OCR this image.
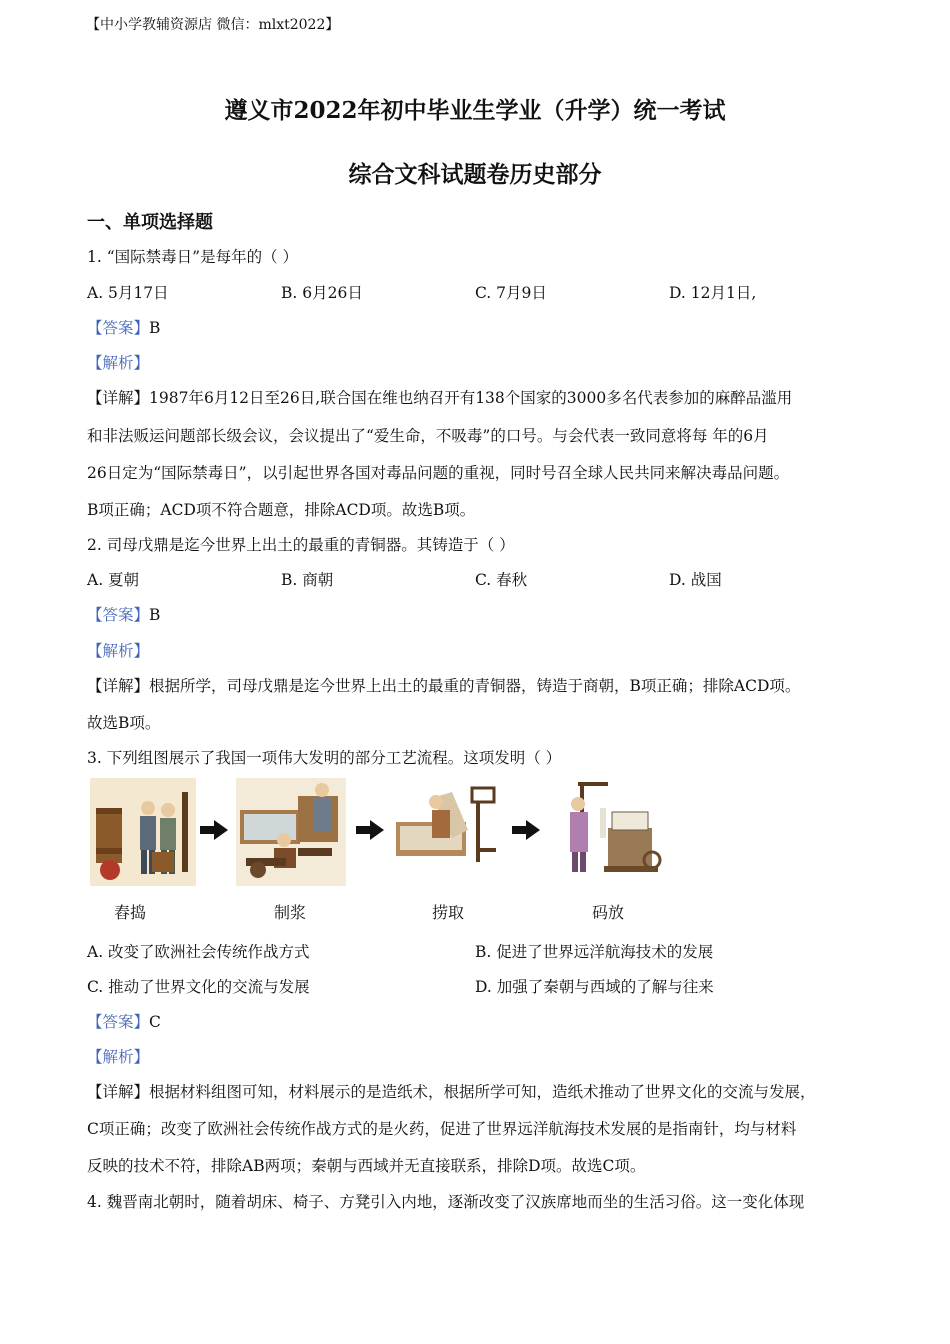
【中小学教辅资源店 微信：mlxt2022】
遵义市2022年初中毕业生学业（升学）统一考试
综合文科试题卷历史部分
一、单项选择题
1. “国际禁毒日”是每年的（ ）
A. 5月17日	B. 6月26日	C. 7月9日	D. 12月1日,
【答案】B
【解析】
【详解】1987年6月12日至26日,联合国在维也纳召开有138个国家的3000多名代表参加的麻醉品滥用
和非法贩运问题部长级会议，会议提出了“爱生命，不吸毒”的口号。与会代表一致同意将每 年的6月
26日定为“国际禁毒日”，以引起世界各国对毒品问题的重视，同时号召全球人民共同来解决毒品问题。
B项正确；ACD项不符合题意，排除ACD项。故选B项。
2. 司母戊鼎是迄今世界上出土的最重的青铜器。其铸造于（ ）
A. 夏朝	B. 商朝	C. 春秋	D. 战国
【答案】B
【解析】
【详解】根据所学，司母戊鼎是迄今世界上出土的最重的青铜器，铸造于商朝，B项正确；排除ACD项。
故选B项。
3. 下列组图展示了我国一项伟大发明的部分工艺流程。这项发明（ ）
舂捣	制浆	捞取	码放
A. 改变了欧洲社会传统作战方式	B. 促进了世界远洋航海技术的发展
C. 推动了世界文化的交流与发展	D. 加强了秦朝与西域的了解与往来
【答案】C
【解析】
【详解】根据材料组图可知，材料展示的是造纸术，根据所学可知，造纸术推动了世界文化的交流与发展，
C项正确；改变了欧洲社会传统作战方式的是火药，促进了世界远洋航海技术发展的是指南针，均与材料
反映的技术不符，排除AB两项；秦朝与西域并无直接联系，排除D项。故选C项。
4. 魏晋南北朝时，随着胡床、椅子、方凳引入内地，逐渐改变了汉族席地而坐的生活习俗。这一变化体现
